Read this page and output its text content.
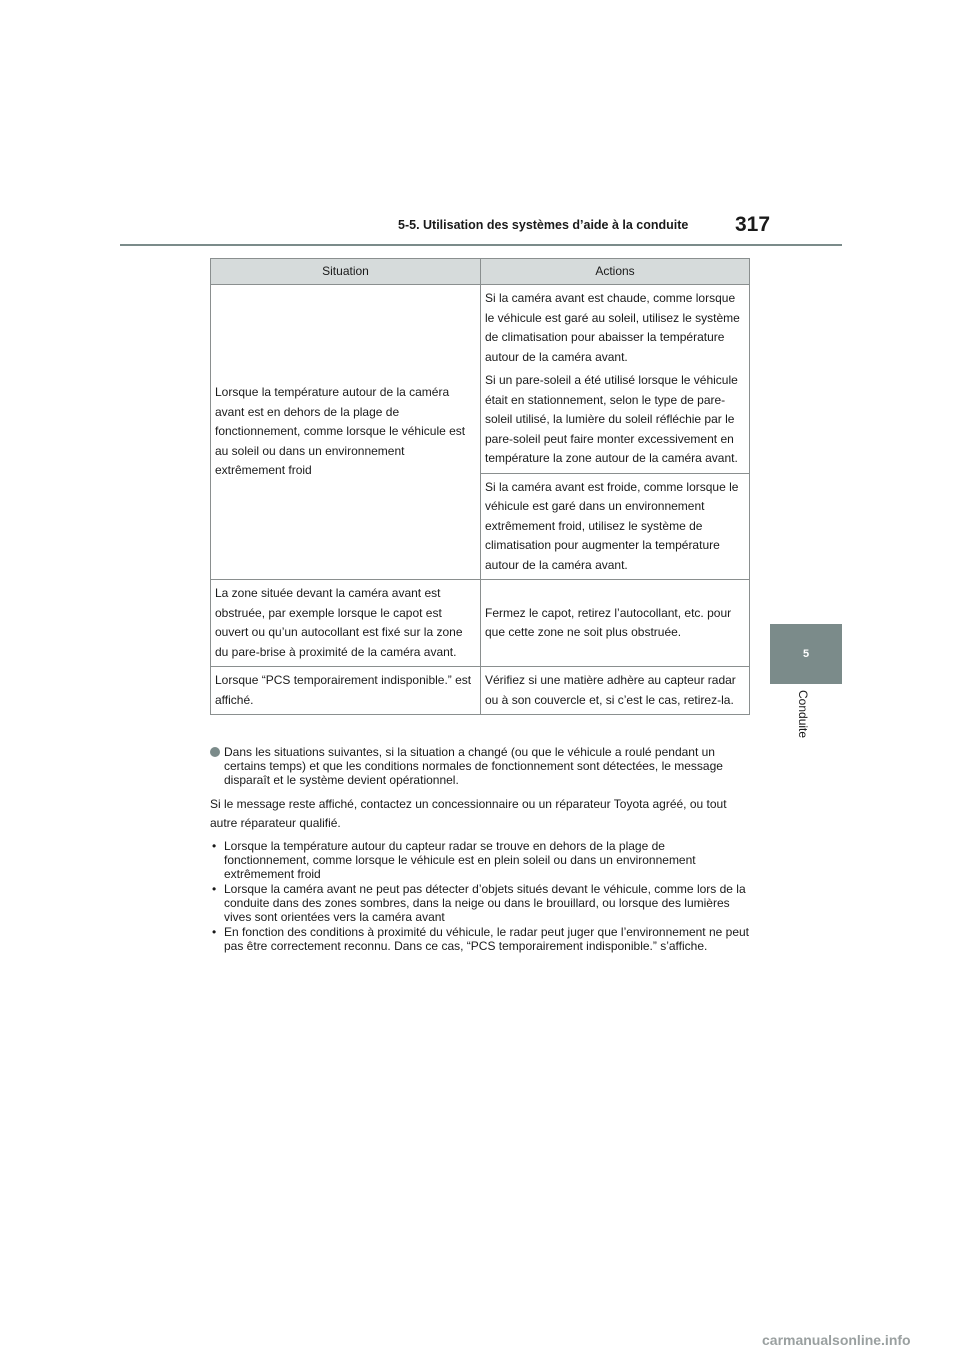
5-5. Utilisation des systèmes d’aide à la conduite 317
5
Conduite
Situation	Actions
Lorsque la température autour de la caméra avant est en dehors de la plage de fonctionnement, comme lorsque le véhicule est au soleil ou dans un environnement extrêmement froid	Si la caméra avant est chaude, comme lorsque le véhicule est garé au soleil, utilisez le système de climatisation pour abaisser la température autour de la caméra avant.

Si un pare-soleil a été utilisé lorsque le véhicule était en stationnement, selon le type de pare-soleil utilisé, la lumière du soleil réfléchie par le pare-soleil peut faire monter excessivement en température la zone autour de la caméra avant.

	Si la caméra avant est froide, comme lorsque le véhicule est garé dans un environnement extrêmement froid, utilisez le système de climatisation pour augmenter la température autour de la caméra avant.
La zone située devant la caméra avant est obstruée, par exemple lorsque le capot est ouvert ou qu’un autocollant est fixé sur la zone du pare-brise à proximité de la caméra avant.	Fermez le capot, retirez l’autocollant, etc. pour que cette zone ne soit plus obstruée.
Lorsque “PCS temporairement indisponible.” est affiché.	Vérifiez si une matière adhère au capteur radar ou à son couvercle et, si c’est le cas, retirez-la.
Dans les situations suivantes, si la situation a changé (ou que le véhicule a roulé pendant un certains temps) et que les conditions normales de fonctionnement sont détectées, le message disparaît et le système devient opérationnel.
Si le message reste affiché, contactez un concessionnaire ou un réparateur Toyota agréé, ou tout autre réparateur qualifié.
• Lorsque la température autour du capteur radar se trouve en dehors de la plage de fonctionnement, comme lorsque le véhicule est en plein soleil ou dans un environnement extrêmement froid
• Lorsque la caméra avant ne peut pas détecter d’objets situés devant le véhicule, comme lors de la conduite dans des zones sombres, dans la neige ou dans le brouillard, ou lorsque des lumières vives sont orientées vers la caméra avant
• En fonction des conditions à proximité du véhicule, le radar peut juger que l’environnement ne peut pas être correctement reconnu. Dans ce cas, “PCS temporairement indisponible.” s’affiche.
carmanualsonline.info
